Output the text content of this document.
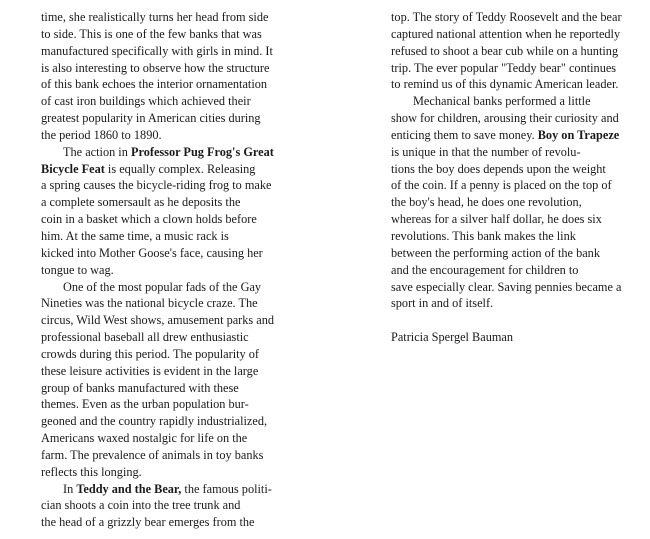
time, she realistically turns her head from side
to side. This is one of the few banks that was
manufactured specifically with girls in mind. It
is also interesting to observe how the structure
of this bank echoes the interior ornamentation
of cast iron buildings which achieved their
greatest popularity in American cities during
the period 1860 to 1890.
The action in Professor Pug Frog's Great
Bicycle Feat is equally complex. Releasing
a spring causes the bicycle-riding frog to make
a complete somersault as he deposits the
coin in a basket which a clown holds before
him. At the same time, a music rack is
kicked into Mother Goose's face, causing her
tongue to wag.
One of the most popular fads of the Gay
Nineties was the national bicycle craze. The
circus, Wild West shows, amusement parks and
professional baseball all drew enthusiastic
crowds during this period. The popularity of
these leisure activities is evident in the large
group of banks manufactured with these
themes. Even as the urban population bur-
geoned and the country rapidly industrialized,
Americans waxed nostalgic for life on the
farm. The prevalence of animals in toy banks
reflects this longing.
In Teddy and the Bear, the famous politi-
cian shoots a coin into the tree trunk and
the head of a grizzly bear emerges from the
top. The story of Teddy Roosevelt and the bear
captured national attention when he reportedly
refused to shoot a bear cub while on a hunting
trip. The ever popular "Teddy bear" continues
to remind us of this dynamic American leader.
Mechanical banks performed a little
show for children, arousing their curiosity and
enticing them to save money. Boy on Trapeze
is unique in that the number of revolu-
tions the boy does depends upon the weight
of the coin. If a penny is placed on the top of
the boy's head, he does one revolution,
whereas for a silver half dollar, he does six
revolutions. This bank makes the link
between the performing action of the bank
and the encouragement for children to
save especially clear. Saving pennies became a
sport in and of itself.
Patricia Spergel Bauman
